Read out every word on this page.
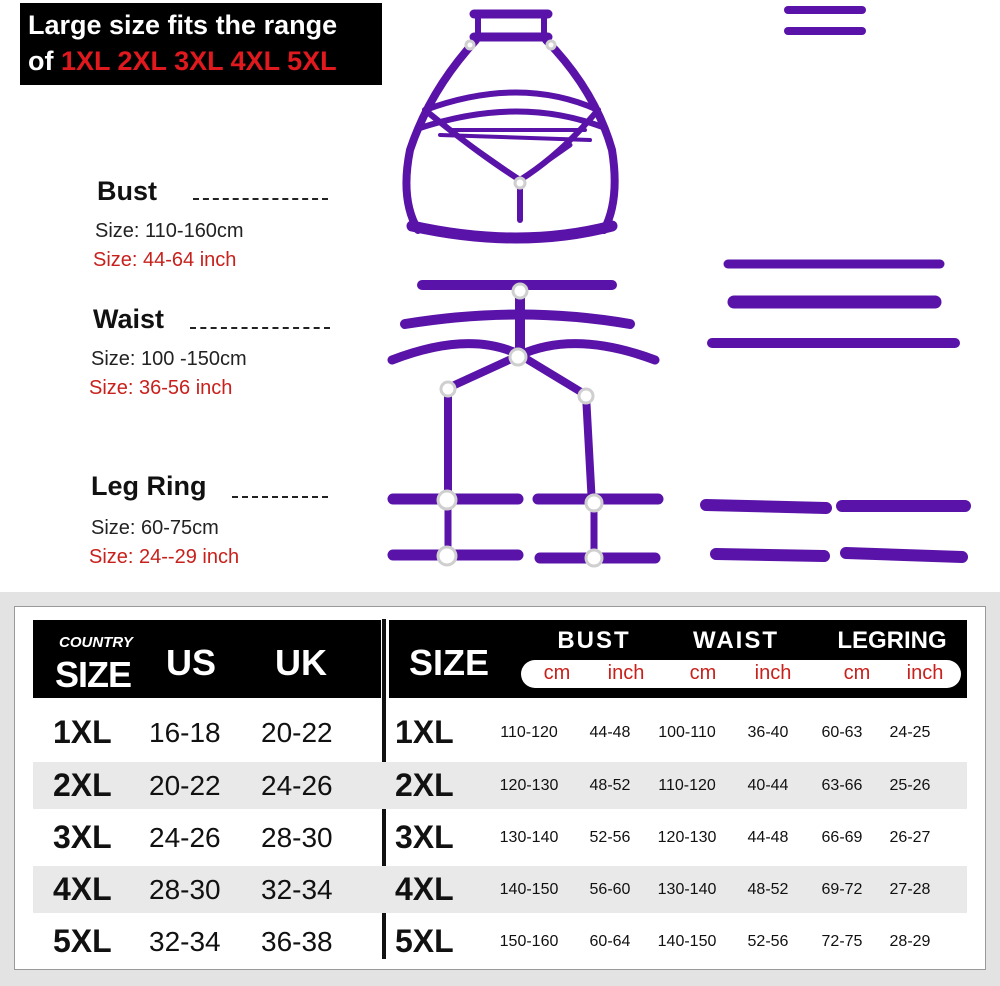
Large size fits the range
of 1XL 2XL 3XL 4XL 5XL
Bust
Size: 110-160cm
Size: 44-64 inch
Waist
Size: 100 -150cm
Size: 36-56 inch
Leg Ring
Size: 60-75cm
Size: 24--29 inch
COUNTRY
SIZE US UK SIZE
BUST	WAIST	LEGRING
cm	inch	cm	inch	cm	inch
1XL 16-18 20-22 1XL	110-120	44-48	100-110	36-40	60-63	24-25
2XL 20-22 24-26 2XL	120-130	48-52	110-120	40-44	63-66	25-26
3XL 24-26 28-30 3XL	130-140	52-56	120-130	44-48	66-69	26-27
4XL 28-30 32-34 4XL	140-150	56-60	130-140	48-52	69-72	27-28
5XL 32-34 36-38 5XL	150-160	60-64	140-150	52-56	72-75	28-29
